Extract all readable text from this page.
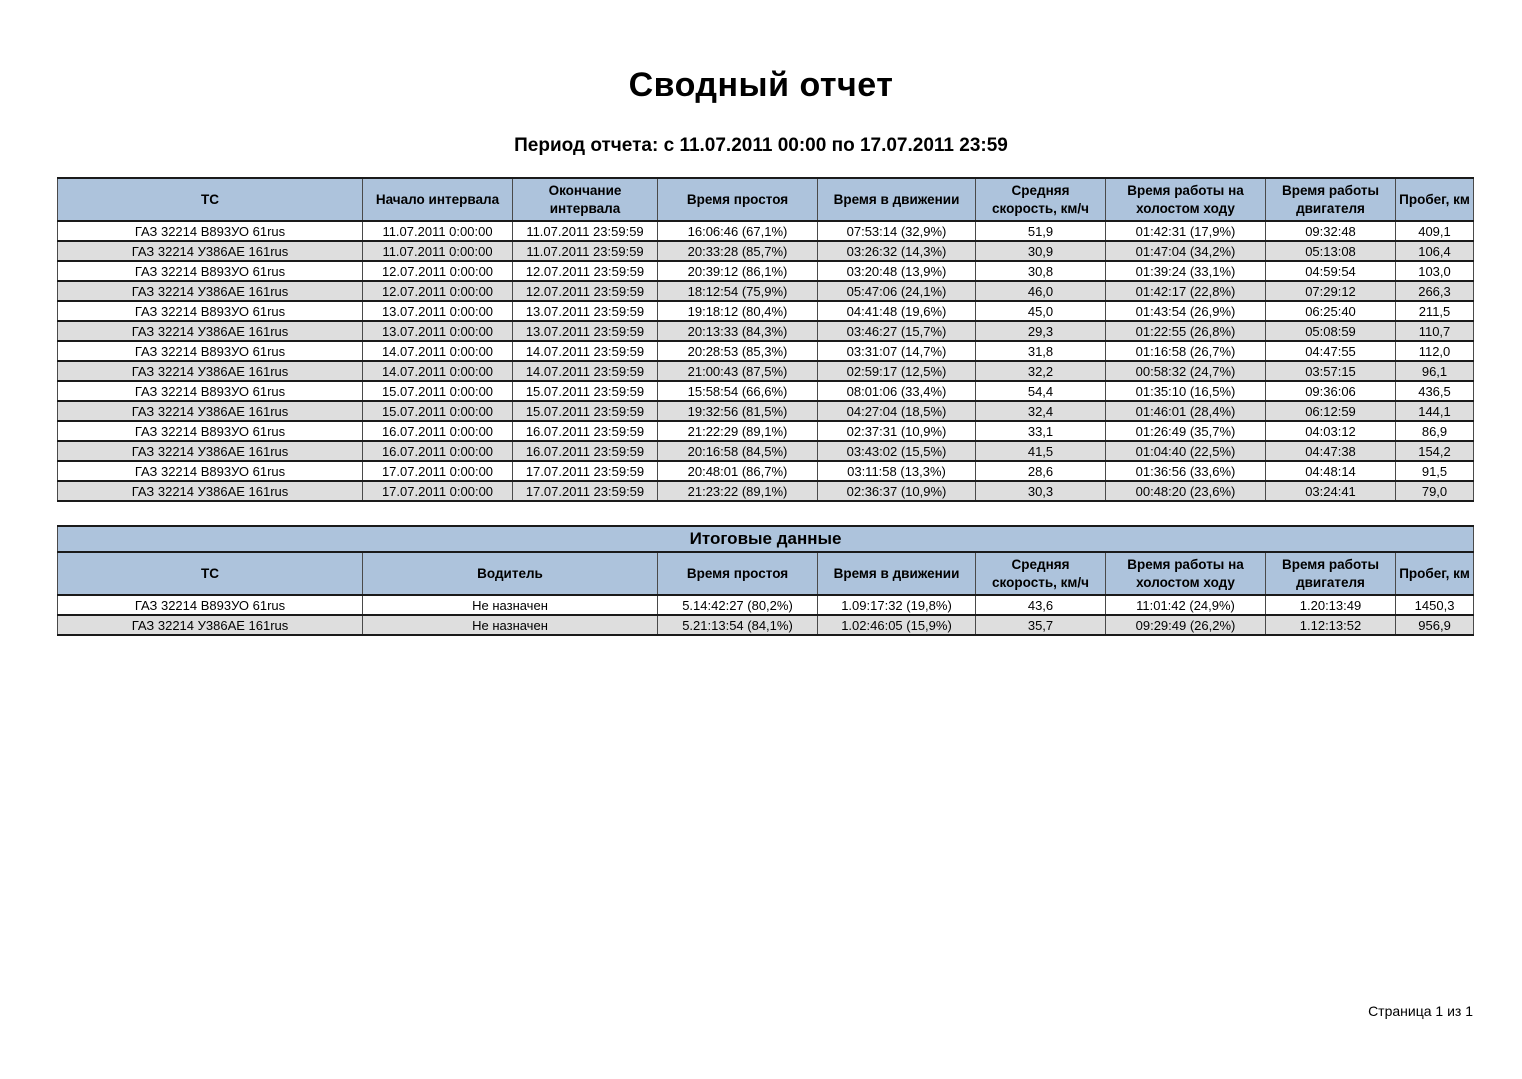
Сводный отчет
Период отчета: с 11.07.2011 00:00 по 17.07.2011 23:59
ТС	Начало интервала	Окончание интервала	Время простоя	Время в движении	Средняя скорость, км/ч	Время работы на холостом ходу	Время работы двигателя	Пробег, км
ГАЗ 32214 В893УО 61rus	11.07.2011 0:00:00	11.07.2011 23:59:59	16:06:46 (67,1%)	07:53:14 (32,9%)	51,9	01:42:31 (17,9%)	09:32:48	409,1
ГАЗ 32214 У386АЕ 161rus	11.07.2011 0:00:00	11.07.2011 23:59:59	20:33:28 (85,7%)	03:26:32 (14,3%)	30,9	01:47:04 (34,2%)	05:13:08	106,4
ГАЗ 32214 В893УО 61rus	12.07.2011 0:00:00	12.07.2011 23:59:59	20:39:12 (86,1%)	03:20:48 (13,9%)	30,8	01:39:24 (33,1%)	04:59:54	103,0
ГАЗ 32214 У386АЕ 161rus	12.07.2011 0:00:00	12.07.2011 23:59:59	18:12:54 (75,9%)	05:47:06 (24,1%)	46,0	01:42:17 (22,8%)	07:29:12	266,3
ГАЗ 32214 В893УО 61rus	13.07.2011 0:00:00	13.07.2011 23:59:59	19:18:12 (80,4%)	04:41:48 (19,6%)	45,0	01:43:54 (26,9%)	06:25:40	211,5
ГАЗ 32214 У386АЕ 161rus	13.07.2011 0:00:00	13.07.2011 23:59:59	20:13:33 (84,3%)	03:46:27 (15,7%)	29,3	01:22:55 (26,8%)	05:08:59	110,7
ГАЗ 32214 В893УО 61rus	14.07.2011 0:00:00	14.07.2011 23:59:59	20:28:53 (85,3%)	03:31:07 (14,7%)	31,8	01:16:58 (26,7%)	04:47:55	112,0
ГАЗ 32214 У386АЕ 161rus	14.07.2011 0:00:00	14.07.2011 23:59:59	21:00:43 (87,5%)	02:59:17 (12,5%)	32,2	00:58:32 (24,7%)	03:57:15	96,1
ГАЗ 32214 В893УО 61rus	15.07.2011 0:00:00	15.07.2011 23:59:59	15:58:54 (66,6%)	08:01:06 (33,4%)	54,4	01:35:10 (16,5%)	09:36:06	436,5
ГАЗ 32214 У386АЕ 161rus	15.07.2011 0:00:00	15.07.2011 23:59:59	19:32:56 (81,5%)	04:27:04 (18,5%)	32,4	01:46:01 (28,4%)	06:12:59	144,1
ГАЗ 32214 В893УО 61rus	16.07.2011 0:00:00	16.07.2011 23:59:59	21:22:29 (89,1%)	02:37:31 (10,9%)	33,1	01:26:49 (35,7%)	04:03:12	86,9
ГАЗ 32214 У386АЕ 161rus	16.07.2011 0:00:00	16.07.2011 23:59:59	20:16:58 (84,5%)	03:43:02 (15,5%)	41,5	01:04:40 (22,5%)	04:47:38	154,2
ГАЗ 32214 В893УО 61rus	17.07.2011 0:00:00	17.07.2011 23:59:59	20:48:01 (86,7%)	03:11:58 (13,3%)	28,6	01:36:56 (33,6%)	04:48:14	91,5
ГАЗ 32214 У386АЕ 161rus	17.07.2011 0:00:00	17.07.2011 23:59:59	21:23:22 (89,1%)	02:36:37 (10,9%)	30,3	00:48:20 (23,6%)	03:24:41	79,0
Итоговые данные							
ТС	Водитель	Время простоя	Время в движении	Средняя скорость, км/ч	Время работы на холостом ходу	Время работы двигателя	Пробег, км
ГАЗ 32214 В893УО 61rus	Не назначен	5.14:42:27 (80,2%)	1.09:17:32 (19,8%)	43,6	11:01:42 (24,9%)	1.20:13:49	1450,3
ГАЗ 32214 У386АЕ 161rus	Не назначен	5.21:13:54 (84,1%)	1.02:46:05 (15,9%)	35,7	09:29:49 (26,2%)	1.12:13:52	956,9
Страница 1 из 1
